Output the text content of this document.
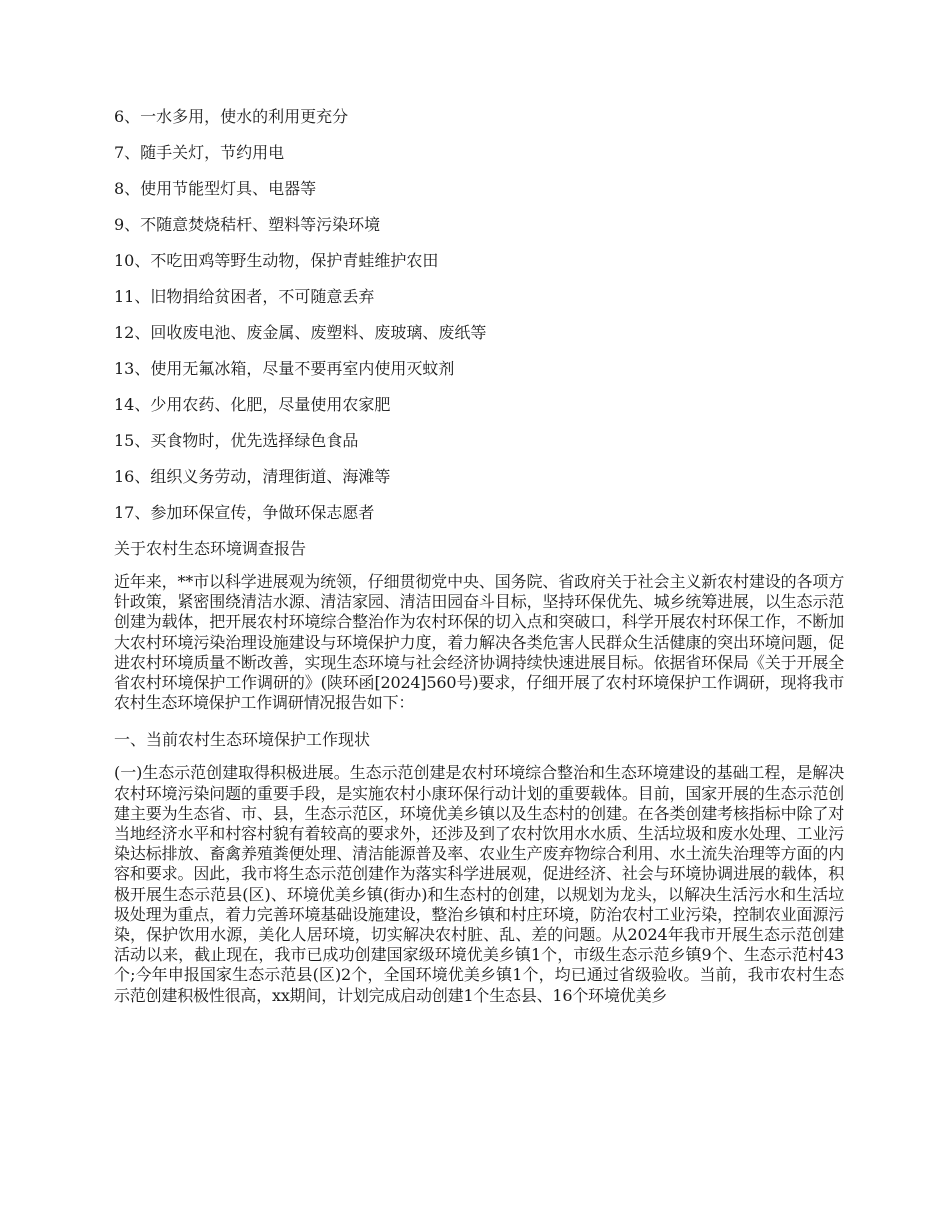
6、一水多用，使水的利用更充分
7、随手关灯，节约用电
8、使用节能型灯具、电器等
9、不随意焚烧秸杆、塑料等污染环境
10、不吃田鸡等野生动物，保护青蛙维护农田
11、旧物捐给贫困者，不可随意丢弃
12、回收废电池、废金属、废塑料、废玻璃、废纸等
13、使用无氟冰箱，尽量不要再室内使用灭蚊剂
14、少用农药、化肥，尽量使用农家肥
15、买食物时，优先选择绿色食品
16、组织义务劳动，清理街道、海滩等
17、参加环保宣传，争做环保志愿者
关于农村生态环境调查报告

近年来，**市以科学进展观为统领，仔细贯彻党中央、国务院、省政府关于社会主义新农村建设的各项方针政策，紧密围绕清洁水源、清洁家园、清洁田园奋斗目标，坚持环保优先、城乡统筹进展，以生态示范创建为载体，把开展农村环境综合整治作为农村环保的切入点和突破口，科学开展农村环保工作，不断加大农村环境污染治理设施建设与环境保护力度，着力解决各类危害人民群众生活健康的突出环境问题，促进农村环境质量不断改善，实现生态环境与社会经济协调持续快速进展目标。依据省环保局《关于开展全省农村环境保护工作调研的》(陕环函[2024]560号)要求，仔细开展了农村环境保护工作调研，现将我市农村生态环境保护工作调研情况报告如下：

一、当前农村生态环境保护工作现状

(一)生态示范创建取得积极进展。生态示范创建是农村环境综合整治和生态环境建设的基础工程，是解决农村环境污染问题的重要手段，是实施农村小康环保行动计划的重要载体。目前，国家开展的生态示范创建主要为生态省、市、县，生态示范区，环境优美乡镇以及生态村的创建。在各类创建考核指标中除了对当地经济水平和村容村貌有着较高的要求外，还涉及到了农村饮用水水质、生活垃圾和废水处理、工业污染达标排放、畜禽养殖粪便处理、清洁能源普及率、农业生产废弃物综合利用、水土流失治理等方面的内容和要求。因此，我市将生态示范创建作为落实科学进展观，促进经济、社会与环境协调进展的载体，积极开展生态示范县(区)、环境优美乡镇(街办)和生态村的创建，以规划为龙头，以解决生活污水和生活垃圾处理为重点，着力完善环境基础设施建设，整治乡镇和村庄环境，防治农村工业污染，控制农业面源污染，保护饮用水源，美化人居环境，切实解决农村脏、乱、差的问题。从2024年我市开展生态示范创建活动以来，截止现在，我市已成功创建国家级环境优美乡镇1个，市级生态示范乡镇9个、生态示范村43个;今年申报国家生态示范县(区)2个，全国环境优美乡镇1个，均已通过省级验收。当前，我市农村生态示范创建积极性很高，xx期间，计划完成启动创建1个生态县、16个环境优美乡
